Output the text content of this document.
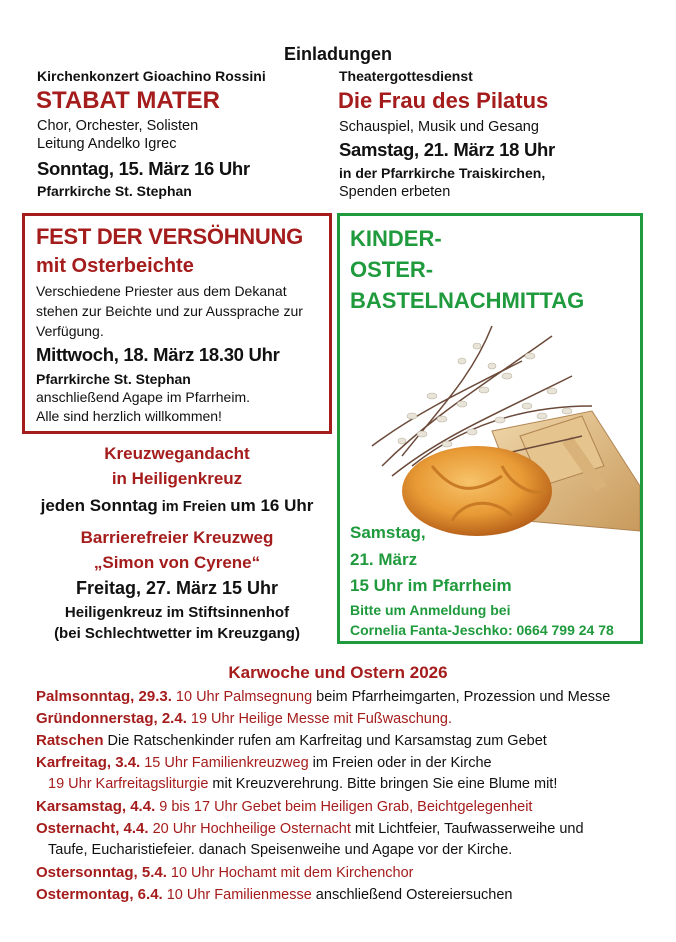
Einladungen
Kirchenkonzert Gioachino Rossini
STABAT MATER
Chor, Orchester, Solisten
Leitung Andelko Igrec
Sonntag, 15. März 16 Uhr
Pfarrkirche St. Stephan
Theatergottesdienst
Die Frau des Pilatus
Schauspiel, Musik und Gesang
Samstag, 21. März 18 Uhr
in der Pfarrkirche Traiskirchen,
Spenden erbeten
FEST DER VERSÖHNUNG
mit Osterbeichte
Verschiedene Priester aus dem Dekanat
stehen zur Beichte und zur Aussprache zur
Verfügung.
Mittwoch, 18. März 18.30 Uhr
Pfarrkirche St. Stephan
anschließend Agape im Pfarrheim.
Alle sind herzlich willkommen!
KINDER-
OSTER-
BASTELNACHMITTAG
Samstag,
21. März
15 Uhr im Pfarrheim
Bitte um Anmeldung bei
Cornelia Fanta-Jeschko: 0664 799 24 78
Kreuzwegandacht
in Heiligenkreuz
jeden Sonntag im Freien um 16 Uhr
Barrierefreier Kreuzweg
„Simon von Cyrene“
Freitag, 27. März 15 Uhr
Heiligenkreuz im Stiftsinnenhof
(bei Schlechtwetter im Kreuzgang)
Karwoche und Ostern 2026
Palmsonntag, 29.3. 10 Uhr Palmsegnung beim Pfarrheimgarten, Prozession und Messe
Gründonnerstag, 2.4. 19 Uhr Heilige Messe mit Fußwaschung.
Ratschen Die Ratschenkinder rufen am Karfreitag und Karsamstag zum Gebet
Karfreitag, 3.4. 15 Uhr Familienkreuzweg im Freien oder in der Kirche
19 Uhr Karfreitagsliturgie mit Kreuzverehrung. Bitte bringen Sie eine Blume mit!
Karsamstag, 4.4. 9 bis 17 Uhr Gebet beim Heiligen Grab, Beichtgelegenheit
Osternacht, 4.4. 20 Uhr Hochheilige Osternacht mit Lichtfeier, Taufwasserweihe und
Taufe, Eucharistiefeier. danach Speisenweihe und Agape vor der Kirche.
Ostersonntag, 5.4. 10 Uhr Hochamt mit dem Kirchenchor
Ostermontag, 6.4. 10 Uhr Familienmesse anschließend Ostereiersuchen
